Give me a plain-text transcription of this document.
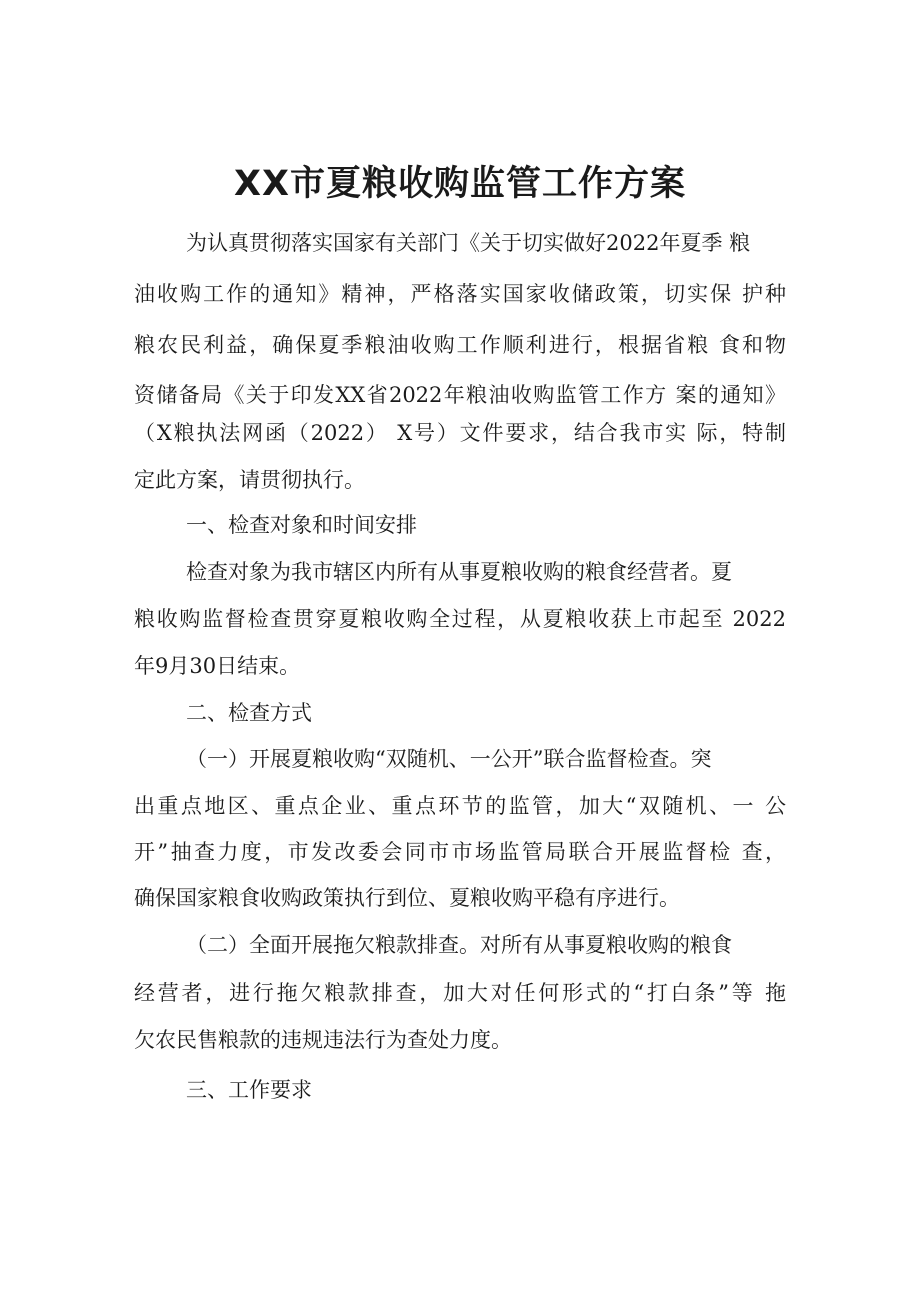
XX市夏粮收购监管工作方案

为认真贯彻落实国家有关部门《关于切实做好2022年夏季 粮

油收购工作的通知》精神，严格落实国家收储政策，切实保 护种

粮农民利益，确保夏季粮油收购工作顺利进行，根据省粮 食和物

资储备局《关于印发XX省2022年粮油收购监管工作方 案的通知》

（X粮执法网函（2022） X号）文件要求，结合我市实 际，特制

定此方案，请贯彻执行。

一、检查对象和时间安排

检查对象为我市辖区内所有从事夏粮收购的粮食经营者。夏

粮收购监督检查贯穿夏粮收购全过程，从夏粮收获上市起至 2022

年9月30日结束。

二、检查方式

（一）开展夏粮收购“双随机、一公开”联合监督检查。突

出重点地区、重点企业、重点环节的监管，加大“双随机、一 公

开”抽查力度，市发改委会同市市场监管局联合开展监督检 查，

确保国家粮食收购政策执行到位、夏粮收购平稳有序进行。

（二）全面开展拖欠粮款排查。对所有从事夏粮收购的粮食

经营者，进行拖欠粮款排查，加大对任何形式的“打白条”等 拖

欠农民售粮款的违规违法行为查处力度。

三、工作要求
